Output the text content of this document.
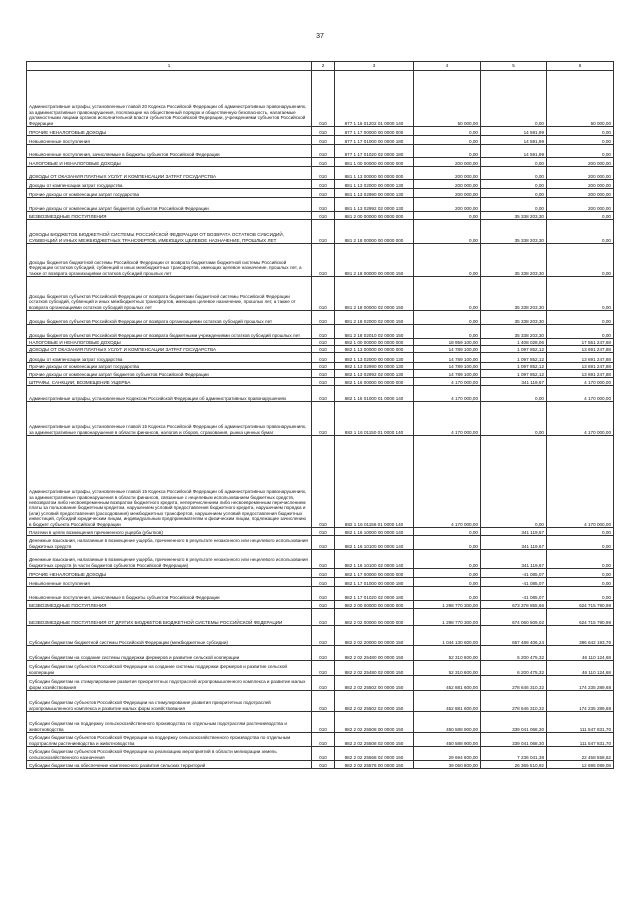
37
1	2	3	4	5	6
Административные штрафы, установленные главой 20 Кодекса Российской Федерации об административных правонарушениях, за административные правонарушения, посягающие на общественный порядок и общественную безопасность, налагаемые должностными лицами органов исполнительной власти субъектов Российской Федерации, учреждениями субъектов Российской Федерации	010	877 1 16 01202 01 0000 140	50 000,00	0,00	50 000,00
ПРОЧИЕ НЕНАЛОГОВЫЕ ДОХОДЫ	010	877 1 17 00000 00 0000 000	0,00	14 591,99	0,00
Невыясненные поступления	010	877 1 17 01000 00 0000 180	0,00	14 591,99	0,00
Невыясненные поступления, зачисляемые в бюджеты субъектов Российской Федерации	010	877 1 17 01020 02 0000 180	0,00	14 591,99	0,00
НАЛОГОВЫЕ И НЕНАЛОГОВЫЕ ДОХОДЫ	010	881 1 00 00000 00 0000 000	200 000,00	0,00	200 000,00
ДОХОДЫ ОТ ОКАЗАНИЯ ПЛАТНЫХ УСЛУГ И КОМПЕНСАЦИИ ЗАТРАТ ГОСУДАРСТВА	010	881 1 13 00000 00 0000 000	200 000,00	0,00	200 000,00
Доходы от компенсации затрат государства	010	881 1 13 02000 00 0000 130	200 000,00	0,00	200 000,00
Прочие доходы от компенсации затрат государства	010	881 1 13 02990 00 0000 130	200 000,00	0,00	200 000,00
Прочие доходы от компенсации затрат бюджетов субъектов Российской Федерации	010	881 1 13 02992 02 0000 130	200 000,00	0,00	200 000,00
БЕЗВОЗМЕЗДНЫЕ ПОСТУПЛЕНИЯ	010	881 2 00 00000 00 0000 000	0,00	35 338 203,30	0,00
ДОХОДЫ БЮДЖЕТОВ БЮДЖЕТНОЙ СИСТЕМЫ РОССИЙСКОЙ ФЕДЕРАЦИИ ОТ ВОЗВРАТА ОСТАТКОВ СУБСИДИЙ, СУБВЕНЦИЙ И ИНЫХ МЕЖБЮДЖЕТНЫХ ТРАНСФЕРТОВ, ИМЕЮЩИХ ЦЕЛЕВОЕ НАЗНАЧЕНИЕ, ПРОШЛЫХ ЛЕТ	010	881 2 18 00000 00 0000 000	0,00	35 338 203,30	0,00
Доходы бюджетов бюджетной системы Российской Федерации от возврата бюджетами бюджетной системы Российской Федерации остатков субсидий, субвенций и иных межбюджетных трансфертов, имеющих целевое назначение, прошлых лет, а также от возврата организациями остатков субсидий прошлых лет	010	881 2 18 00000 00 0000 150	0,00	35 338 203,30	0,00
Доходы бюджетов субъектов Российской Федерации от возврата бюджетами бюджетной системы Российской Федерации остатков субсидий, субвенций и иных межбюджетных трансфертов, имеющих целевое назначение, прошлых лет, а также от возврата организациями остатков субсидий прошлых лет	010	881 2 18 00000 02 0000 150	0,00	35 338 203,30	0,00
Доходы бюджетов субъектов Российской Федерации от возврата организациями остатков субсидий прошлых лет	010	881 2 18 02000 02 0000 150	0,00	35 338 203,30	0,00
Доходы бюджетов субъектов Российской Федерации от возврата бюджетными учреждениями остатков субсидий прошлых лет	010	881 2 18 02010 02 0000 150	0,00	35 338 203,30	0,00
НАЛОГОВЫЕ И НЕНАЛОГОВЫЕ ДОХОДЫ	010	882 1 00 00000 00 0000 000	18 959 100,00	1 408 028,06	17 551 247,68
ДОХОДЫ ОТ ОКАЗАНИЯ ПЛАТНЫХ УСЛУГ И КОМПЕНСАЦИИ ЗАТРАТ ГОСУДАРСТВА	010	882 1 13 00000 00 0000 000	14 789 100,00	1 097 852,12	13 691 247,88
Доходы от компенсации затрат государства	010	882 1 13 02000 00 0000 130	14 789 100,00	1 097 852,12	13 691 247,88
Прочие доходы от компенсации затрат государства	010	882 1 13 02990 00 0000 130	14 789 100,00	1 097 852,12	13 691 247,88
Прочие доходы от компенсации затрат бюджетов субъектов Российской Федерации	010	882 1 13 02992 02 0000 130	14 789 100,00	1 097 852,12	13 691 247,88
ШТРАФЫ, САНКЦИИ, ВОЗМЕЩЕНИЕ УЩЕРБА	010	882 1 16 00000 00 0000 000	4 170 000,00	341 119,67	4 170 000,00
Административные штрафы, установленные Кодексом Российской Федерации об административных правонарушениях	010	882 1 16 01000 01 0000 140	4 170 000,00	0,00	4 170 000,00
Административные штрафы, установленные главой 15 Кодекса Российской Федерации об административных правонарушениях, за административные правонарушения в области финансов, налогов и сборов, страхования, рынка ценных бумаг	010	882 1 16 01150 01 0000 140	4 170 000,00	0,00	4 170 000,00
Административные штрафы, установленные главой 15 Кодекса Российской Федерации об административных правонарушениях, за административные правонарушения в области финансов, связанные с нецелевым использованием бюджетных средств, невозвратом либо несвоевременным возвратом бюджетного кредита, неперечислением либо несвоевременным перечислением платы за пользование бюджетным кредитом, нарушением условий предоставления бюджетного кредита, нарушением порядка и (или) условий предоставления (расходования) межбюджетных трансфертов, нарушением условий предоставления бюджетных инвестиций, субсидий юридическим лицам, индивидуальным предпринимателям и физическим лицам, подлежащие зачислению в бюджет субъекта Российской Федерации	010	882 1 16 01156 01 0000 140	4 170 000,00	0,00	4 170 000,00
Платежи в целях возмещения причиненного ущерба (убытков)	010	882 1 16 10000 00 0000 140	0,00	341 119,67	0,00
Денежные взыскания, налагаемые в возмещение ущерба, причиненного в результате незаконного или нецелевого использования бюджетных средств	010	882 1 16 10100 00 0000 140	0,00	341 119,67	0,00
Денежные взыскания, налагаемые в возмещение ущерба, причиненного в результате незаконного или нецелевого использования бюджетных средств (в части бюджетов субъектов Российской Федерации)	010	882 1 16 10100 02 0000 140	0,00	341 119,67	0,00
ПРОЧИЕ НЕНАЛОГОВЫЕ ДОХОДЫ	010	882 1 17 00000 00 0000 000	0,00	-41 085,07	0,00
Невыясненные поступления	010	882 1 17 01000 00 0000 180	0,00	-41 085,07	0,00
Невыясненные поступления, зачисляемые в бюджеты субъектов Российской Федерации	010	882 1 17 01020 02 0000 180	0,00	-41 085,07	0,00
БЕЗВОЗМЕЗДНЫЕ ПОСТУПЛЕНИЯ	010	882 2 00 00000 00 0000 000	1 298 770 300,00	673 378 855,66	624 715 790,98
БЕЗВОЗМЕЗДНЫЕ ПОСТУПЛЕНИЯ ОТ ДРУГИХ БЮДЖЕТОВ БЮДЖЕТНОЙ СИСТЕМЫ РОССИЙСКОЙ ФЕДЕРАЦИИ	010	882 2 02 00000 00 0000 000	1 298 770 300,00	674 060 509,02	624 715 790,98
Субсидии бюджетам бюджетной системы Российской Федерации (межбюджетные субсидии)	010	882 2 02 20000 00 0000 150	1 044 130 600,00	657 488 406,24	386 642 193,76
Субсидии бюджетам на создание системы поддержки фермеров и развитие сельской кооперации	010	882 2 02 25480 00 0000 150	52 310 600,00	6 200 475,32	46 110 124,68
Субсидии бюджетам субъектов Российской Федерации на создание системы поддержки фермеров и развитие сельской кооперации	010	882 2 02 25480 02 0000 150	52 310 600,00	6 200 475,32	46 110 124,68
Субсидии бюджетам на стимулирование развития приоритетных подотраслей агропромышленного комплекса и развитие малых форм хозяйствования	010	882 2 02 25502 00 0000 150	452 881 600,00	278 646 310,32	174 235 289,68
Субсидии бюджетам субъектов Российской Федерации на стимулирование развития приоритетных подотраслей агропромышленного комплекса и развитие малых форм хозяйствования	010	882 2 02 25502 02 0000 150	452 881 600,00	278 646 310,32	174 235 289,68
Субсидии бюджетам на поддержку сельскохозяйственного производства по отдельным подотраслям растениеводства и животноводства	010	882 2 02 25508 00 0000 150	450 588 900,00	339 041 068,30	111 547 831,70
Субсидии бюджетам субъектов Российской Федерации на поддержку сельскохозяйственного производства по отдельным подотраслям растениеводства и животноводства	010	882 2 02 25508 02 0000 150	450 588 900,00	339 041 068,30	111 547 831,70
Субсидии бюджетам субъектов Российской Федерации на реализацию мероприятий в области мелиорации земель сельскохозяйственного назначения	010	882 2 02 25568 02 0000 150	29 694 600,00	7 236 041,38	22 458 558,62
Субсидии бюджетам на обеспечение комплексного развития сельских территорий	010	882 2 02 25576 00 0000 150	39 060 800,00	26 365 510,92	12 695 089,08
